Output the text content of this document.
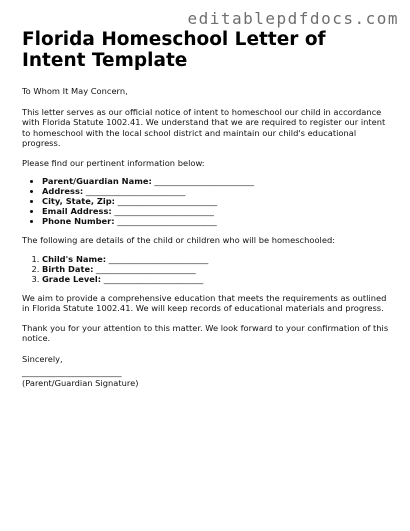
editablepdfdocs.com
Florida Homeschool Letter of Intent Template

To Whom It May Concern,

This letter serves as our official notice of intent to homeschool our child in accordance with Florida Statute 1002.41. We understand that we are required to register our intent to homeschool with the local school district and maintain our child's educational progress.

Please find our pertinent information below:

• Parent/Guardian Name: ________________________
• Address: ________________________
• City, State, Zip: ________________________
• Email Address: ________________________
• Phone Number: ________________________

The following are details of the child or children who will be homeschooled:

1. Child's Name: ________________________
2. Birth Date: ________________________
3. Grade Level: ________________________

We aim to provide a comprehensive education that meets the requirements as outlined in Florida Statute 1002.41. We will keep records of educational materials and progress.

Thank you for your attention to this matter. We look forward to your confirmation of this notice.

Sincerely,

________________________

(Parent/Guardian Signature)
